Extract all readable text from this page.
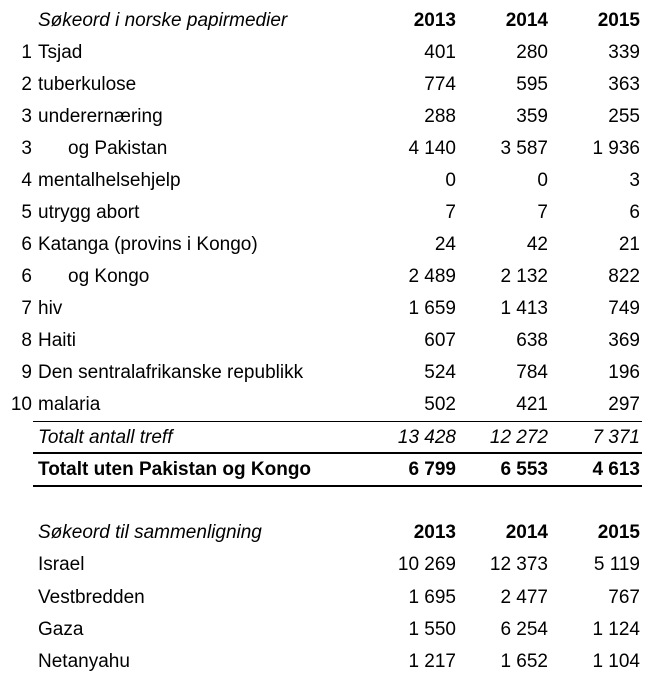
Søkeord i norske papirmedier	2013	2014	2015
1 Tsjad	401	280	339
2 tuberkulose	774	595	363
3 underernæring	288	359	255
3 og Pakistan	4 140	3 587	1 936
4 mentalhelsehjelp	0	0	3
5 utrygg abort	7	7	6
6 Katanga (provins i Kongo)	24	42	21
6 og Kongo	2 489	2 132	822
7 hiv	1 659	1 413	749
8 Haiti	607	638	369
9 Den sentralafrikanske republikk	524	784	196
10 malaria	502	421	297
Totalt antall treff	13 428	12 272	7 371
Totalt uten Pakistan og Kongo	6 799	6 553	4 613
Søkeord til sammenligning	2013	2014	2015
Israel	10 269	12 373	5 119
Vestbredden	1 695	2 477	767
Gaza	1 550	6 254	1 124
Netanyahu	1 217	1 652	1 104
